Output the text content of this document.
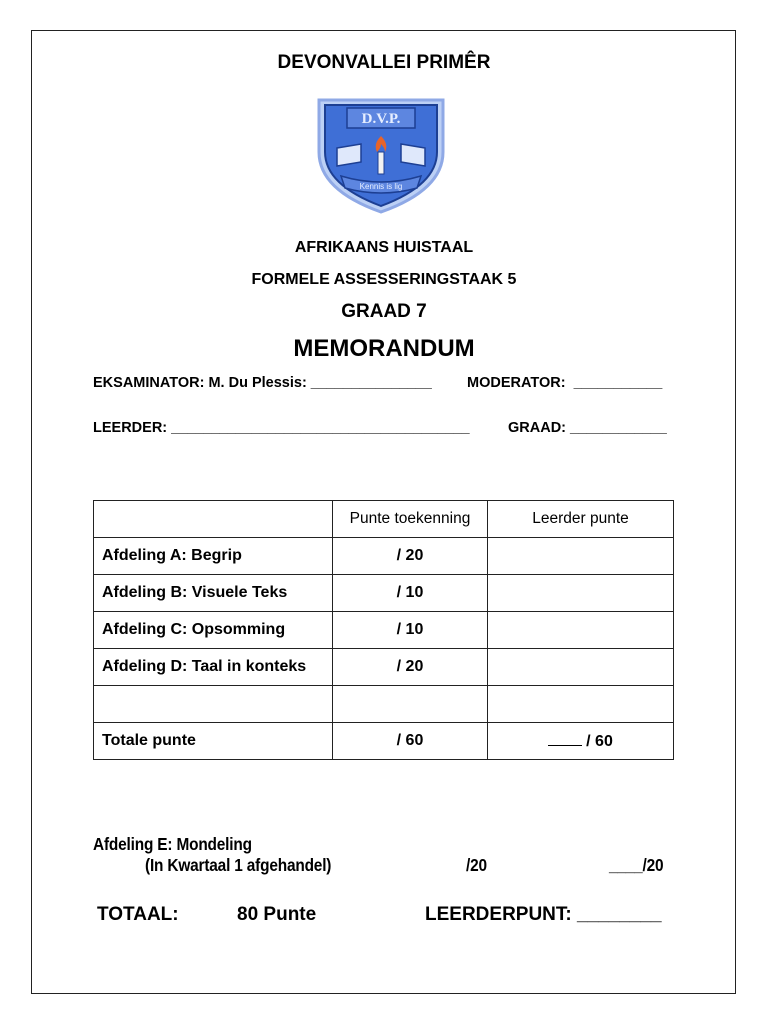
DEVONVALLEI PRIMÊR
D.V.P.
Kennis is lig
AFRIKAANS HUISTAAL
FORMELE ASSESSERINGSTAAK 5
GRAAD 7
MEMORANDUM
EKSAMINATOR: M. Du Plessis: _______________ MODERATOR:  ___________
LEERDER: _____________________________________	GRAAD: ____________
	Punte toekenning	Leerder punte
Afdeling A: Begrip	/ 20	
Afdeling B: Visuele Teks	/ 10	
Afdeling C: Opsomming	/ 10	
Afdeling D: Taal in konteks	/ 20	

Totale punte	/ 60	/ 60
Afdeling E: Mondeling
(In Kwartaal 1 afgehandel)	/20	____/20
TOTAAL:	80 Punte	LEERDERPUNT: ________
